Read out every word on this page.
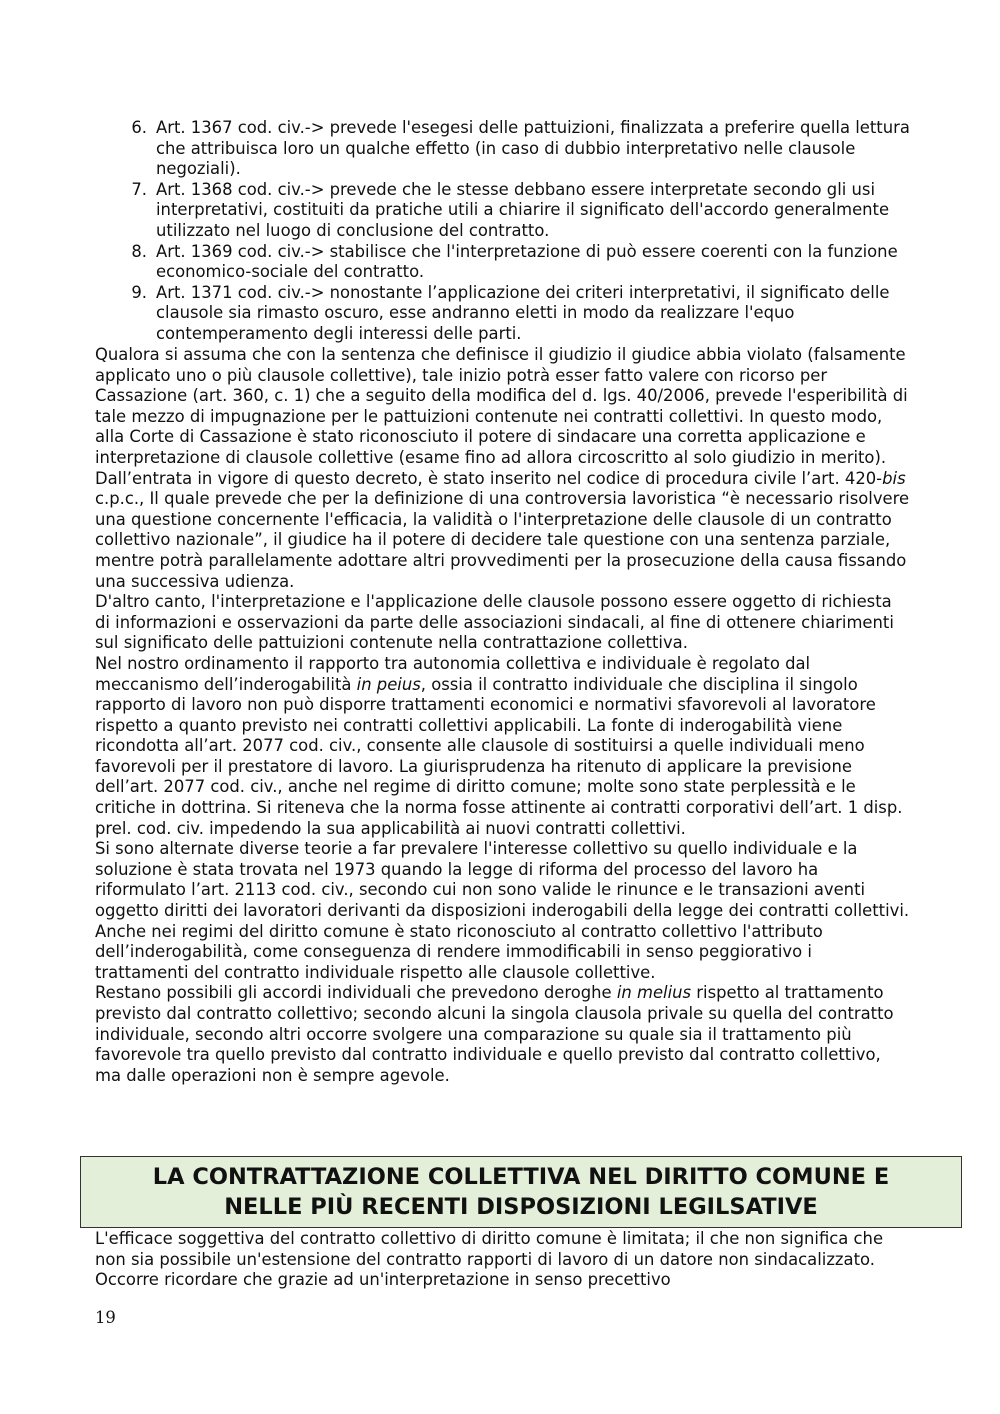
6. Art. 1367 cod. civ.-> prevede l'esegesi delle pattuizioni, finalizzata a preferire quella lettura che attribuisca loro un qualche effetto (in caso di dubbio interpretativo nelle clausole negoziali).
7. Art. 1368 cod. civ.-> prevede che le stesse debbano essere interpretate secondo gli usi interpretativi, costituiti da pratiche utili a chiarire il significato dell'accordo generalmente utilizzato nel luogo di conclusione del contratto.
8. Art. 1369 cod. civ.-> stabilisce che l'interpretazione di può essere coerenti con la funzione economico-sociale del contratto.
9. Art. 1371 cod. civ.-> nonostante l’applicazione dei criteri interpretativi, il significato delle clausole sia rimasto oscuro, esse andranno eletti in modo da realizzare l'equo contemperamento degli interessi delle parti.

Qualora si assuma che con la sentenza che definisce il giudizio il giudice abbia violato (falsamente applicato uno o più clausole collettive), tale inizio potrà esser fatto valere con ricorso per Cassazione (art. 360, c. 1) che a seguito della modifica del d. lgs. 40/2006, prevede l'esperibilità di tale mezzo di impugnazione per le pattuizioni contenute nei contratti collettivi. In questo modo, alla Corte di Cassazione è stato riconosciuto il potere di sindacare una corretta applicazione e interpretazione di clausole collettive (esame fino ad allora circoscritto al solo giudizio in merito). Dall’entrata in vigore di questo decreto, è stato inserito nel codice di procedura civile l’art. 420-bis c.p.c., Il quale prevede che per la definizione di una controversia lavoristica “è necessario risolvere una questione concernente l'efficacia, la validità o l'interpretazione delle clausole di un contratto collettivo nazionale”, il giudice ha il potere di decidere tale questione con una sentenza parziale, mentre potrà parallelamente adottare altri provvedimenti per la prosecuzione della causa fissando una successiva udienza.

D'altro canto, l'interpretazione e l'applicazione delle clausole possono essere oggetto di richiesta di informazioni e osservazioni da parte delle associazioni sindacali, al fine di ottenere chiarimenti sul significato delle pattuizioni contenute nella contrattazione collettiva.

Nel nostro ordinamento il rapporto tra autonomia collettiva e individuale è regolato dal meccanismo dell’inderogabilità in peius, ossia il contratto individuale che disciplina il singolo rapporto di lavoro non può disporre trattamenti economici e normativi sfavorevoli al lavoratore rispetto a quanto previsto nei contratti collettivi applicabili. La fonte di inderogabilità viene ricondotta all’art. 2077 cod. civ., consente alle clausole di sostituirsi a quelle individuali meno favorevoli per il prestatore di lavoro. La giurisprudenza ha ritenuto di applicare la previsione dell’art. 2077 cod. civ., anche nel regime di diritto comune; molte sono state perplessità e le critiche in dottrina. Si riteneva che la norma fosse attinente ai contratti corporativi dell’art. 1 disp. prel. cod. civ. impedendo la sua applicabilità ai nuovi contratti collettivi.

Si sono alternate diverse teorie a far prevalere l'interesse collettivo su quello individuale e la soluzione è stata trovata nel 1973 quando la legge di riforma del processo del lavoro ha riformulato l’art. 2113 cod. civ., secondo cui non sono valide le rinunce e le transazioni aventi oggetto diritti dei lavoratori derivanti da disposizioni inderogabili della legge dei contratti collettivi. Anche nei regimi del diritto comune è stato riconosciuto al contratto collettivo l'attributo dell’inderogabilità, come conseguenza di rendere immodificabili in senso peggiorativo i trattamenti del contratto individuale rispetto alle clausole collettive.

Restano possibili gli accordi individuali che prevedono deroghe in melius rispetto al trattamento previsto dal contratto collettivo; secondo alcuni la singola clausola privale su quella del contratto individuale, secondo altri occorre svolgere una comparazione su quale sia il trattamento più favorevole tra quello previsto dal contratto individuale e quello previsto dal contratto collettivo, ma dalle operazioni non è sempre agevole.

LA CONTRATTAZIONE COLLETTIVA NEL DIRITTO COMUNE E
NELLE PIÙ RECENTI DISPOSIZIONI LEGILSATIVE

L'efficace soggettiva del contratto collettivo di diritto comune è limitata; il che non significa che non sia possibile un'estensione del contratto rapporti di lavoro di un datore non sindacalizzato. Occorre ricordare che grazie ad un'interpretazione in senso precettivo

19
